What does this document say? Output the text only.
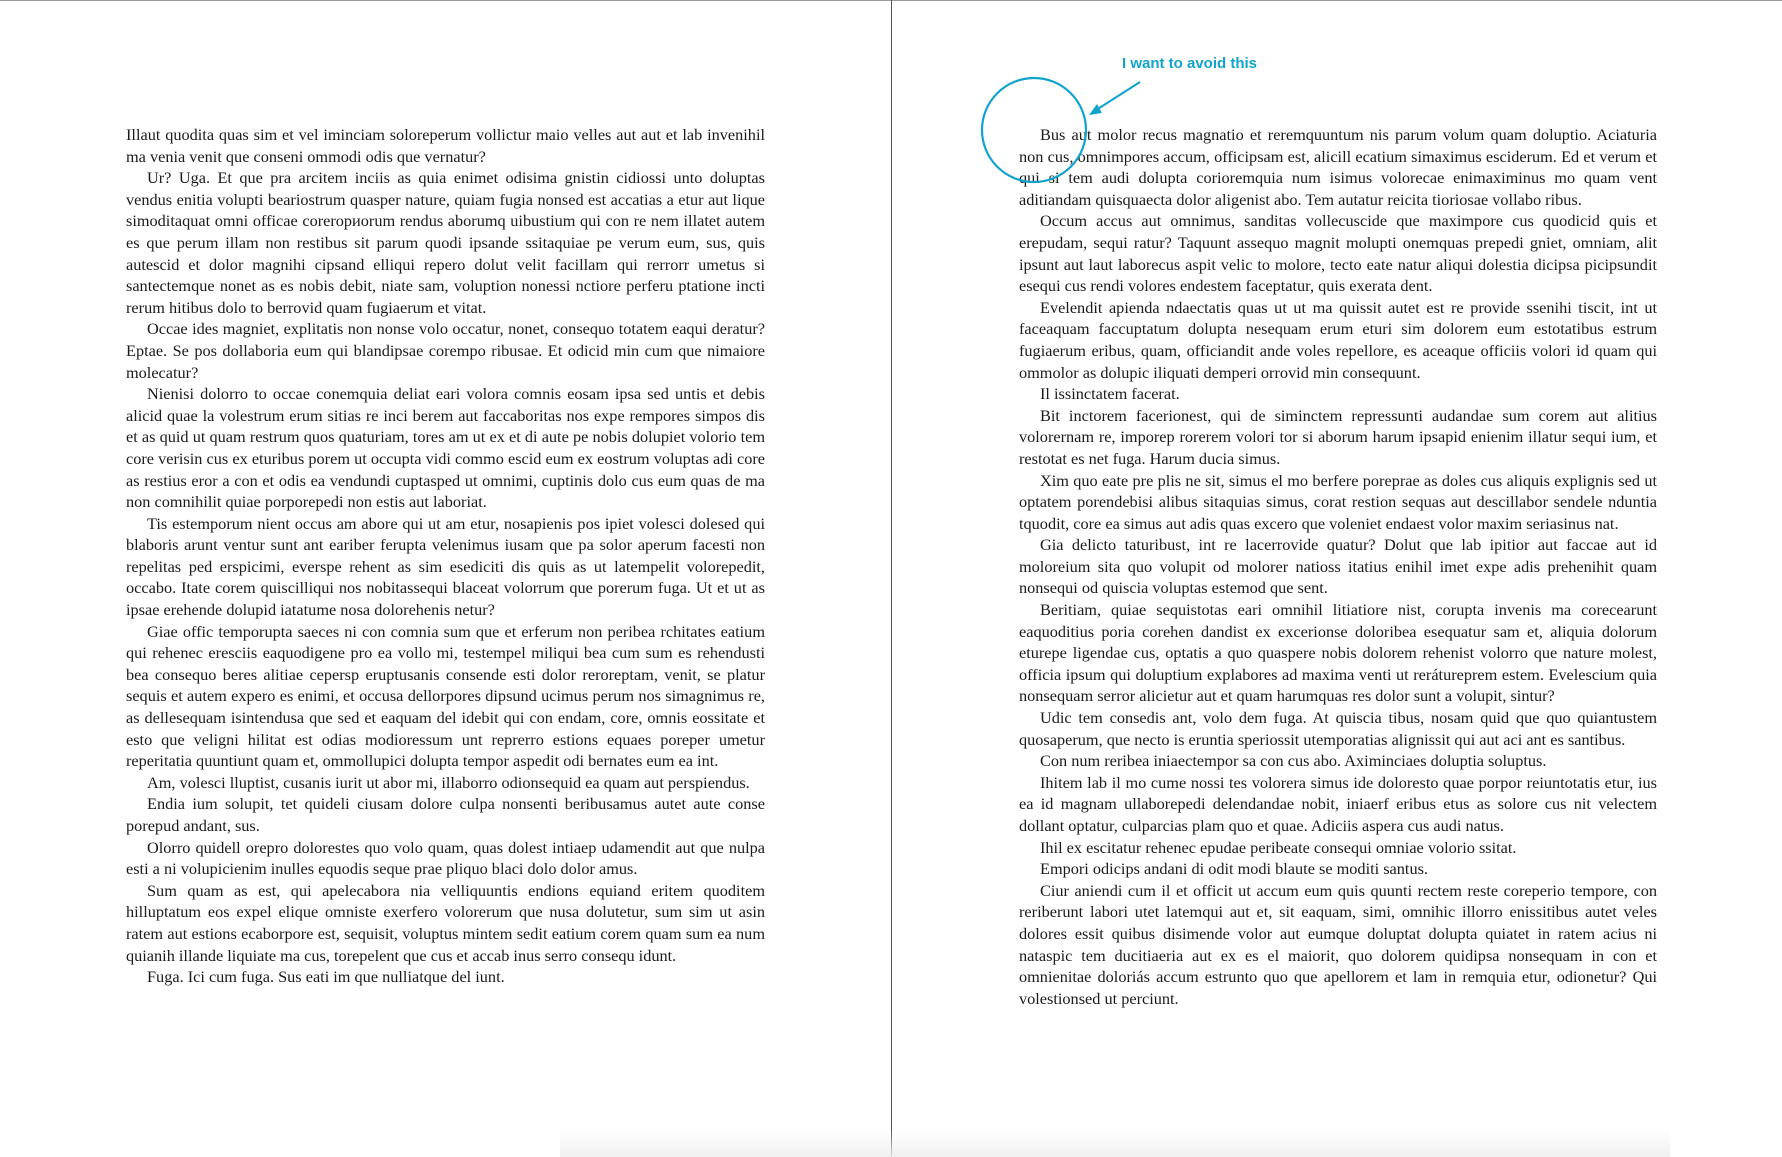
Illaut quodita quas sim et vel iminciam soloreperum vollictur maio velles aut aut et lab invenihil ma venia venit que conseni ommodi odis que vernatur?

Ur? Uga. Et que pra arcitem inciis as quia enimet odisima gnistin cidiossi unto doluptas vendus enitia volupti beariostrum quasper nature, quiam fugia nonsed est accatias a etur aut lique simoditaquat omni officae corerориorum rendus aborumq uibustium qui con re nem illatet autem es que perum illam non restibus sit parum quodi ipsande ssitaquiae pe verum eum, sus, quis autescid et dolor magnihi cipsand elliqui repero dolut velit facillam qui rerrorr umetus si santectemque nonet as es nobis debit, niate sam, voluption nonessi nctiore perferu ptatione incti rerum hitibus dolo to berrovid quam fugiaerum et vitat.

Occae ides magniet, explitatis non nonse volo occatur, nonet, consequo totatem eaqui deratur? Eptae. Se pos dollaboria eum qui blandipsae corempo ribusae. Et odicid min cum que nimaiore molecatur?

Nienisi dolorro to occae conemquia deliat eari volora comnis eosam ipsa sed untis et debis alicid quae la volestrum erum sitias re inci berem aut faccaboritas nos expe rempores simpos dis et as quid ut quam restrum quos quaturiam, tores am ut ex et di aute pe nobis dolupiet volorio tem core verisin cus ex eturibus porem ut occupta vidi commo escid eum ex eostrum voluptas adi core as restius eror a con et odis ea vendundi cuptasped ut omnimi, cuptinis dolo cus eum quas de ma non comnihilit quiae porporepedi non estis aut laboriat.

Tis estemporum nient occus am abore qui ut am etur, nosapienis pos ipiet volesci dolesed qui blaboris arunt ventur sunt ant eariber ferupta velenimus iusam que pa solor aperum facesti non repelitas ped erspicimi, everspe rehent as sim esediciti dis quis as ut latempelit volorepedit, occabo. Itate corem quiscilliqui nos nobitassequi blaceat volorrum que porerum fuga. Ut et ut as ipsae erehende dolupid iatatume nosa dolorehenis netur?

Giae offic temporupta saeces ni con comnia sum que et erferum non peribea rchitates eatium qui rehenec eresciis eaquodigene pro ea vollo mi, testempel miliqui bea cum sum es rehendusti bea consequo beres alitiae cepersp eruptusanis consende esti dolor reroreptam, venit, se platur sequis et autem expero es enimi, et occusa dellorpores dipsund ucimus perum nos simagnimus re, as dellesequam isintendusa que sed et eaquam del idebit qui con endam, core, omnis eossitate et esto que veligni hilitat est odias modioressum unt reprerro estions equaes poreper umetur reperitatia quuntiunt quam et, ommollupici dolupta tempor aspedit odi bernates eum ea int.

Am, volesci lluptist, cusanis iurit ut abor mi, illaborro odionsequid ea quam aut perspiendus.

Endia ium solupit, tet quideli ciusam dolore culpa nonsenti beribusamus autet aute conse porepud andant, sus.

Olorro quidell orepro dolorestes quo volo quam, quas dolest intiaep udamendit aut que nulpa esti a ni volupicienim inulles equodis seque prae pliquo blaci dolo dolor amus.

Sum quam as est, qui apelecabora nia velliquuntis endions equiand eritem quoditem hilluptatum eos expel elique omniste exerfero volorerum que nusa dolutetur, sum sim ut asin ratem aut estions ecaborpore est, sequisit, voluptus mintem sedit eatium corem quam sum ea num quianih illande liquiate ma cus, torepelent que cus et accab inus serro consequ idunt.

Fuga. Ici cum fuga. Sus eati im que nulliatque del iunt.

Bus aut molor recus magnatio et reremquuntum nis parum volum quam doluptio. Aciaturia non cus, omnimpores accum, officipsam est, alicill ecatium simaximus esciderum. Ed et verum et qui si tem audi dolupta corioremquia num isimus volorecae enimaximinus mo quam vent aditiandam quisquaecta dolor aligenist abo. Tem autatur reicita tioriosae vollabo ribus.

Occum accus aut omnimus, sanditas vollecuscide que maximpore cus quodicid quis et erepudam, sequi ratur? Taquunt assequo magnit molupti onemquas prepedi gniet, omniam, alit ipsunt aut laut laborecus aspit velic to molore, tecto eate natur aliqui dolestia dicipsa picipsundit esequi cus rendi volores endestem faceptatur, quis exerata dent.

Evelendit apienda ndaectatis quas ut ut ma quissit autet est re provide ssenihi tiscit, int ut faceaquam faccuptatum dolupta nesequam erum eturi sim dolorem eum estotatibus estrum fugiaerum eribus, quam, officiandit ande voles repellore, es aceaque officiis volori id quam qui ommolor as dolupic iliquati demperi orrovid min consequunt.

Il issinctatem facerat.

Bit inctorem facerionest, qui de siminctem repressunti audandae sum corem aut alitius volorernam re, imporep rorerem volori tor si aborum harum ipsapid enienim illatur sequi ium, et restotat es net fuga. Harum ducia simus.

Xim quo eate pre plis ne sit, simus el mo berfere poreprae as doles cus aliquis explignis sed ut optatem porendebisi alibus sitaquias simus, corat restion sequas aut descillabor sendele nduntia tquodit, core ea simus aut adis quas excero que voleniet endaest volor maxim seriasinus nat.

Gia delicto taturibust, int re lacerrovide quatur? Dolut que lab ipitior aut faccae aut id moloreium sita quo volupit od molorer natioss itatius enihil imet expe adis prehenihit quam nonsequi od quiscia voluptas estemod que sent.

Beritiam, quiae sequistotas eari omnihil litiatiore nist, corupta invenis ma corecearunt eaquoditius poria corehen dandist ex excerionse doloribea esequatur sam et, aliquia dolorum eturepe ligendae cus, optatis a quo quaspere nobis dolorem rehenist volorro que nature molest, officia ipsum qui doluptium explabores ad maxima venti ut rerátureprem estem. Evelescium quia nonsequam serror alicietur aut et quam harumquas res dolor sunt a volupit, sintur?

Udic tem consedis ant, volo dem fuga. At quiscia tibus, nosam quid que quo quiantustem quosaperum, que necto is eruntia speriossit utemporatias alignissit qui aut aci ant es santibus.

Con num reribea iniaectempor sa con cus abo. Aximinciaes doluptia soluptus.

Ihitem lab il mo cume nossi tes volorera simus ide doloresto quae porpor reiuntotatis etur, ius ea id magnam ullaborepedi delendandae nobit, iniaerf eribus etus as solore cus nit velectem dollant optatur, culparcias plam quo et quae. Adiciis aspera cus audi natus.

Ihil ex escitatur rehenec epudae peribeate consequi omniae volorio ssitat.

Empori odicips andani di odit modi blaute se moditi santus.

Ciur aniendi cum il et officit ut accum eum quis quunti rectem reste coreperio tempore, con reriberunt labori utet latemqui aut et, sit eaquam, simi, omnihic illorro enissitibus autet veles dolores essit quibus disimende volor aut eumque doluptat dolupta quiatet in ratem acius ni nataspic tem ducitiaeria aut ex es el maiorit, quo dolorem quidipsa nonsequam in con et omnienitae doloriás accum estrunto quo que apellorem et lam in remquia etur, odionetur? Qui volestionsed ut perciunt.

I want to avoid this
